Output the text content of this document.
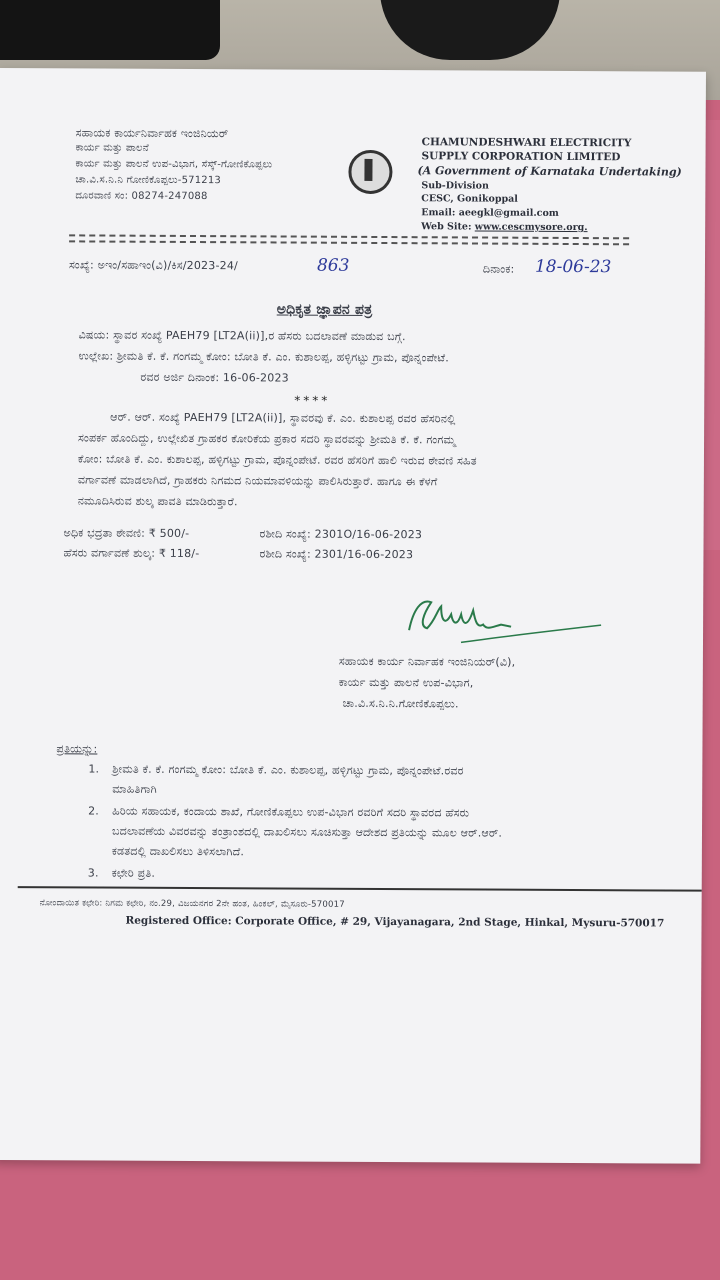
ಸಹಾಯಕ ಕಾರ್ಯನಿರ್ವಾಹಕ ಇಂಜಿನಿಯರ್
ಕಾರ್ಯ ಮತ್ತು ಪಾಲನೆ
ಕಾರ್ಯ ಮತ್ತು ಪಾಲನೆ ಉಪ-ವಿಭಾಗ, ಸೆಸ್ಕ್-ಗೋಣಿಕೊಪ್ಪಲು
ಚಾ.ವಿ.ಸ.ನಿ.ನಿ ಗೋಣಿಕೊಪ್ಪಲು-571213
ದೂರವಾಣಿ ಸಂ: 08274-247088
CHAMUNDESHWARI ELECTRICITY
SUPPLY CORPORATION LIMITED
(A Government of Karnataka Undertaking)
Sub-Division
CESC, Gonikoppal
Email: aeegkl@gmail.com
Web Site: www.cescmysore.org.
ಸಂಖ್ಯೆ: ಅಇಂ/ಸಹಾಇಂ(ವಿ)/ಕಿಸ/2023-24/	863	ದಿನಾಂಕ: 18-06-23
ಅಧಿಕೃತ ಜ್ಞಾಪನ ಪತ್ರ
ವಿಷಯ: ಸ್ಥಾವರ ಸಂಖ್ಯೆ PAEH79 [LT2A(ii)],ರ ಹೆಸರು ಬದಲಾವಣೆ ಮಾಡುವ ಬಗ್ಗೆ.
ಉಲ್ಲೇಖ: ಶ್ರೀಮತಿ ಕೆ. ಕೆ. ಗಂಗಮ್ಮ ಕೋಂ: ಬೋತಿ ಕೆ. ಎಂ. ಕುಶಾಲಪ್ಪ, ಹಳ್ಳಿಗಟ್ಟು ಗ್ರಾಮ, ಪೊನ್ನಂಪೇಟೆ.
ರವರ ಅರ್ಜಿ ದಿನಾಂಕ: 16-06-2023
****
ಆರ್. ಆರ್. ಸಂಖ್ಯೆ PAEH79 [LT2A(ii)], ಸ್ಥಾವರವು ಕೆ. ಎಂ. ಕುಶಾಲಪ್ಪ ರವರ ಹೆಸರಿನಲ್ಲಿ
ಸಂಪರ್ಕ ಹೊಂದಿದ್ದು, ಉಲ್ಲೇಖಿತ ಗ್ರಾಹಕರ ಕೋರಿಕೆಯ ಪ್ರಕಾರ ಸದರಿ ಸ್ಥಾವರವನ್ನು ಶ್ರೀಮತಿ ಕೆ. ಕೆ. ಗಂಗಮ್ಮ
ಕೋಂ: ಬೋತಿ ಕೆ. ಎಂ. ಕುಶಾಲಪ್ಪ, ಹಳ್ಳಿಗಟ್ಟು ಗ್ರಾಮ, ಪೊನ್ನಂಪೇಟೆ. ರವರ ಹೆಸರಿಗೆ ಹಾಲಿ ಇರುವ ಠೇವಣಿ ಸಹಿತ
ವರ್ಗಾವಣೆ ಮಾಡಲಾಗಿದೆ, ಗ್ರಾಹಕರು ನಿಗಮದ ನಿಯಮಾವಳಿಯನ್ನು ಪಾಲಿಸಿರುತ್ತಾರೆ. ಹಾಗೂ ಈ ಕೆಳಗೆ
ನಮೂದಿಸಿರುವ ಶುಲ್ಕ ಪಾವತಿ ಮಾಡಿರುತ್ತಾರೆ.
ಅಧಿಕ ಭದ್ರತಾ ಠೇವಣಿ: ₹ 500/-	ರಶೀದಿ ಸಂಖ್ಯೆ: 2301O/16-06-2023
ಹೆಸರು ವರ್ಗಾವಣೆ ಶುಲ್ಕ: ₹ 118/-	ರಶೀದಿ ಸಂಖ್ಯೆ: 2301/16-06-2023
ಸಹಾಯಕ ಕಾರ್ಯ ನಿರ್ವಾಹಕ ಇಂಜಿನಿಯರ್(ವಿ),
ಕಾರ್ಯ ಮತ್ತು ಪಾಲನೆ ಉಪ-ವಿಭಾಗ,
ಚಾ.ವಿ.ಸ.ನಿ.ನಿ.ಗೋಣಿಕೊಪ್ಪಲು.
ಪ್ರತಿಯನ್ನು:
1. ಶ್ರೀಮತಿ ಕೆ. ಕೆ. ಗಂಗಮ್ಮ ಕೋಂ: ಬೋತಿ ಕೆ. ಎಂ. ಕುಶಾಲಪ್ಪ, ಹಳ್ಳಿಗಟ್ಟು ಗ್ರಾಮ, ಪೊನ್ನಂಪೇಟೆ.ರವರ
ಮಾಹಿತಿಗಾಗಿ
2. ಹಿರಿಯ ಸಹಾಯಕ, ಕಂದಾಯ ಶಾಖೆ, ಗೋಣಿಕೊಪ್ಪಲು ಉಪ-ವಿಭಾಗ ರವರಿಗೆ ಸದರಿ ಸ್ಥಾವರದ ಹೆಸರು
ಬದಲಾವಣೆಯ ವಿವರವನ್ನು ತಂತ್ರಾಂಶದಲ್ಲಿ ದಾಖಲಿಸಲು ಸೂಚಿಸುತ್ತಾ ಆದೇಶದ ಪ್ರತಿಯನ್ನು ಮೂಲ ಆರ್.ಆರ್.
ಕಡತದಲ್ಲಿ ದಾಖಲಿಸಲು ತಿಳಿಸಲಾಗಿದೆ.
3. ಕಛೇರಿ ಪ್ರತಿ.
ನೋಂದಾಯಿತ ಕಛೇರಿ: ನಿಗಮ ಕಛೇರಿ, ನಂ.29, ವಿಜಯನಗರ 2ನೇ ಹಂತ, ಹಿಂಕಲ್, ಮೈಸೂರು-570017
Registered Office: Corporate Office, # 29, Vijayanagara, 2nd Stage, Hinkal, Mysuru-570017
